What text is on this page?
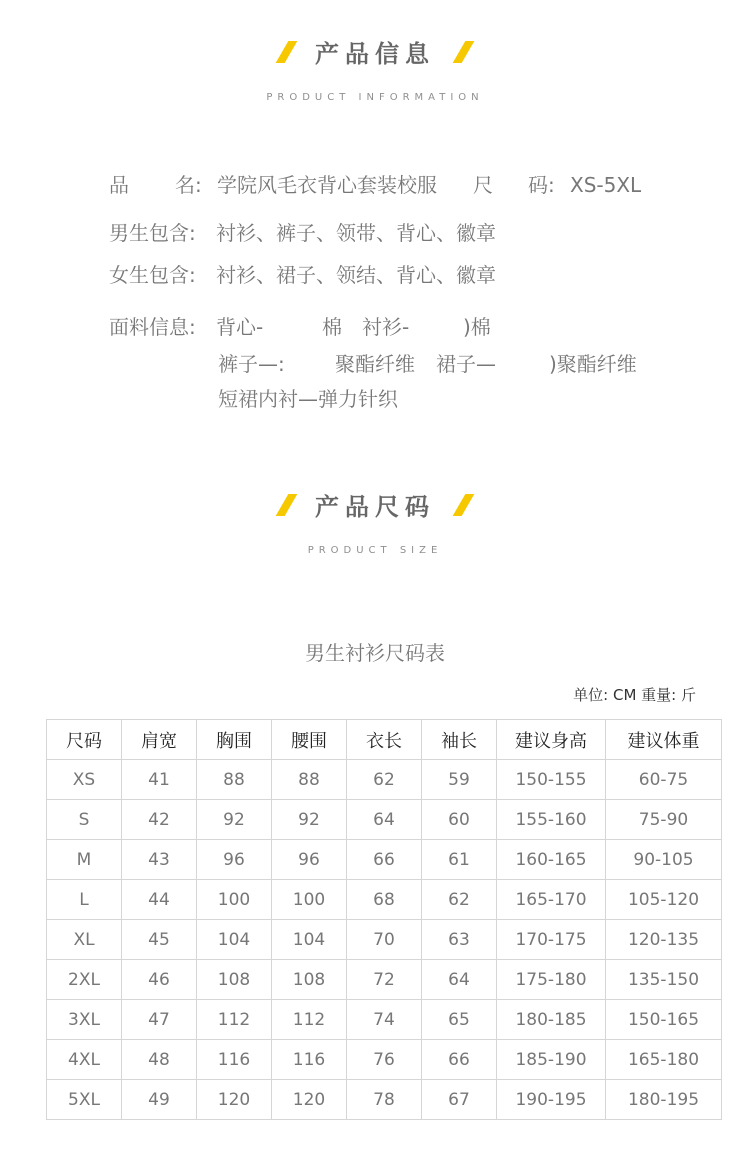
产品信息
PRODUCT INFORMATION
品 名: 学院风毛衣背心套装校服 尺 码: XS-5XL
男生包含: 衬衫、裤子、领带、背心、徽章
女生包含: 衬衫、裙子、领结、背心、徽章
面料信息: 背心-	棉 衬衫-	)棉
裤子—:	聚酯纤维 裙子—	)聚酯纤维
短裙内衬—弹力针织
产品尺码
PRODUCT SIZE
男生衬衫尺码表
单位: CM 重量: 斤
尺码	肩宽	胸围	腰围	衣长	袖长	建议身高	建议体重
XS	41	88	88	62	59	150-155	60-75
S	42	92	92	64	60	155-160	75-90
M	43	96	96	66	61	160-165	90-105
L	44	100	100	68	62	165-170	105-120
XL	45	104	104	70	63	170-175	120-135
2XL	46	108	108	72	64	175-180	135-150
3XL	47	112	112	74	65	180-185	150-165
4XL	48	116	116	76	66	185-190	165-180
5XL	49	120	120	78	67	190-195	180-195
